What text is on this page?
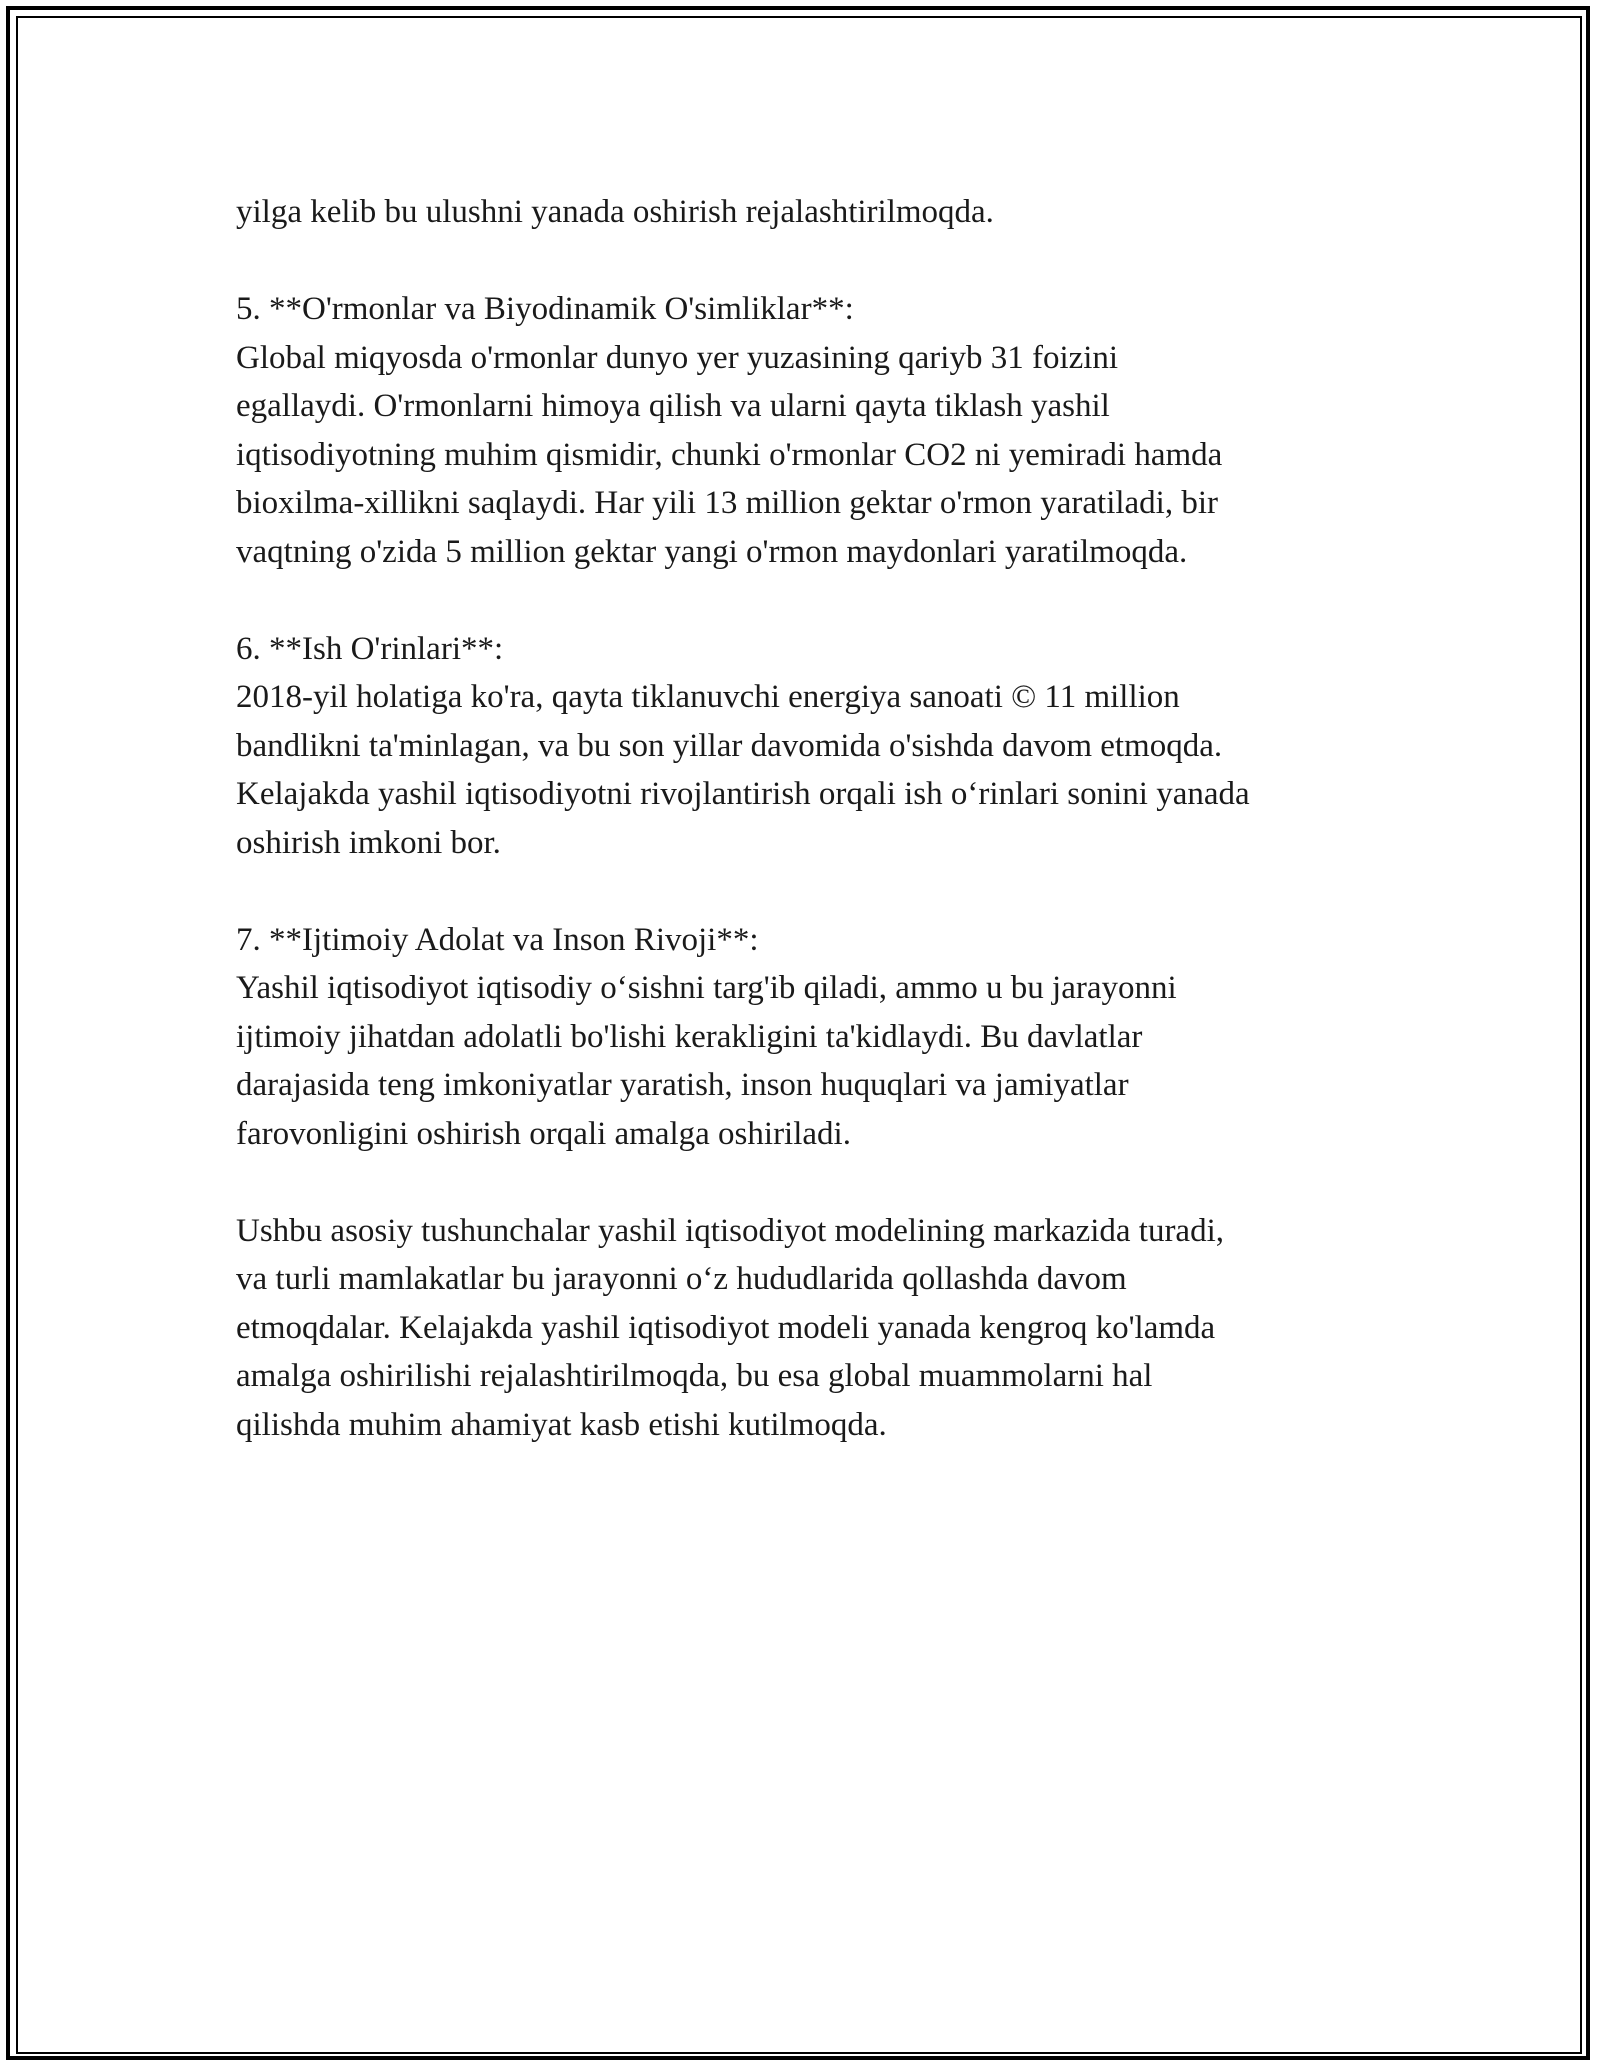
yilga kelib bu ulushni yanada oshirish rejalashtirilmoqda.

5. **O'rmonlar va Biyodinamik O'simliklar**:

Global miqyosda o'rmonlar dunyo yer yuzasining qariyb 31 foizini
egallaydi. O'rmonlarni himoya qilish va ularni qayta tiklash yashil
iqtisodiyotning muhim qismidir, chunki o'rmonlar CO2 ni yemiradi hamda
bioxilma-xillikni saqlaydi. Har yili 13 million gektar o'rmon yaratiladi, bir
vaqtning o'zida 5 million gektar yangi o'rmon maydonlari yaratilmoqda.

6. **Ish O'rinlari**:

2018-yil holatiga ko'ra, qayta tiklanuvchi energiya sanoati © 11 million
bandlikni ta'minlagan, va bu son yillar davomida o'sishda davom etmoqda.
Kelajakda yashil iqtisodiyotni rivojlantirish orqali ish o‘rinlari sonini yanada
oshirish imkoni bor.

7. **Ijtimoiy Adolat va Inson Rivoji**:

Yashil iqtisodiyot iqtisodiy o‘sishni targ'ib qiladi, ammo u bu jarayonni
ijtimoiy jihatdan adolatli bo'lishi kerakligini ta'kidlaydi. Bu davlatlar
darajasida teng imkoniyatlar yaratish, inson huquqlari va jamiyatlar
farovonligini oshirish orqali amalga oshiriladi.

Ushbu asosiy tushunchalar yashil iqtisodiyot modelining markazida turadi,
va turli mamlakatlar bu jarayonni o‘z hududlarida qollashda davom
etmoqdalar. Kelajakda yashil iqtisodiyot modeli yanada kengroq ko'lamda
amalga oshirilishi rejalashtirilmoqda, bu esa global muammolarni hal
qilishda muhim ahamiyat kasb etishi kutilmoqda.
